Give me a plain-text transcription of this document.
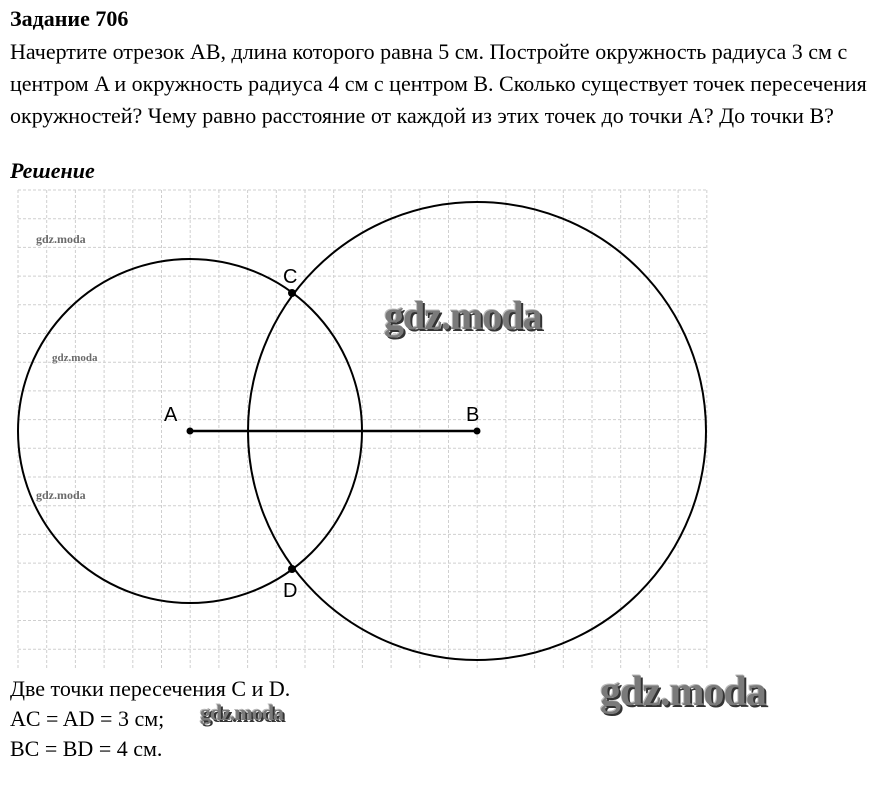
Задание 706
Начертите отрезок AB, длина которого равна 5 см. Постройте окружность радиуса 3 см с центром A и окружность радиуса 4 см с центром B. Сколько существует точек пересечения окружностей? Чему равно расстояние от каждой из этих точек до точки A? До точки B?
Решение
A	B
C
D
gdz.moda
gdz.moda
gdz.moda
gdz.moda
gdz.moda
gdz.moda
Две точки пересечения C и D.
AC = AD = 3 см;
BC = BD = 4 см.
